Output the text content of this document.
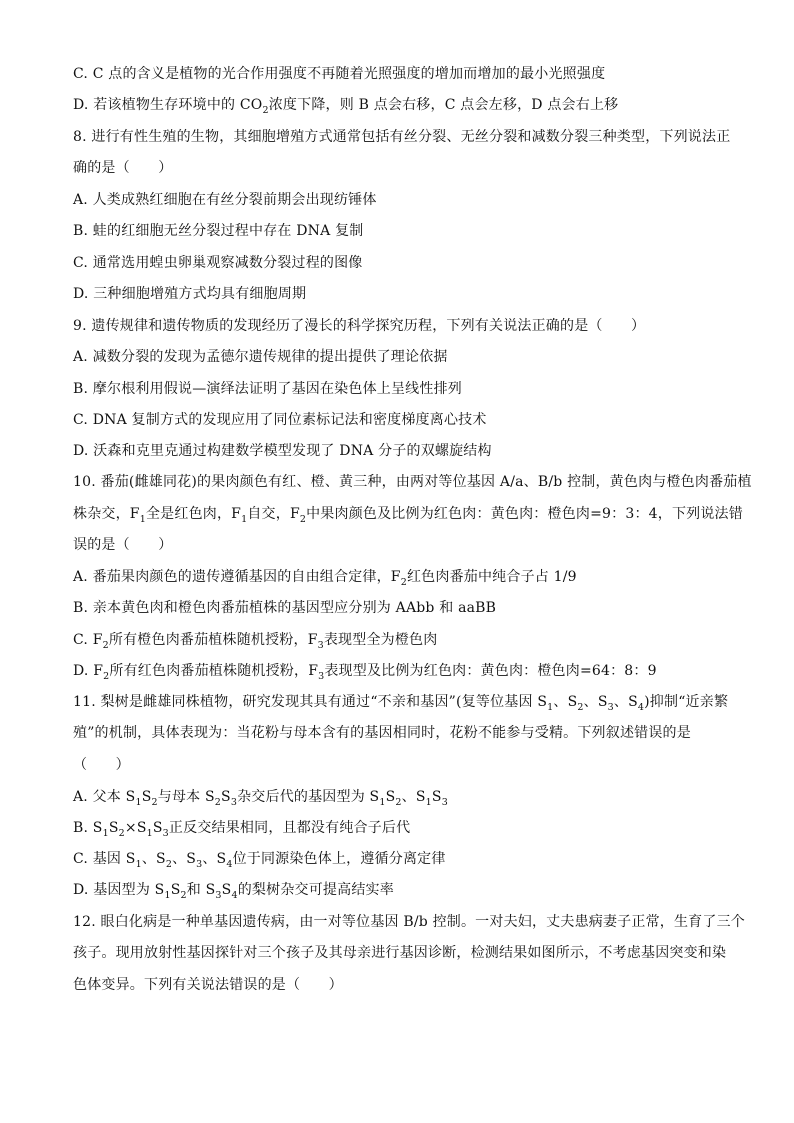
C. C 点的含义是植物的光合作用强度不再随着光照强度的增加而增加的最小光照强度
D. 若该植物生存环境中的 $CO_2$浓度下降，则 B 点会右移，C 点会左移，D 点会右上移
8. 进行有性生殖的生物，其细胞增殖方式通常包括有丝分裂、无丝分裂和减数分裂三种类型，下列说法正
确的是（　　）
A. 人类成熟红细胞在有丝分裂前期会出现纺锤体
B. 蛙的红细胞无丝分裂过程中存在 DNA 复制
C. 通常选用蝗虫卵巢观察减数分裂过程的图像
D. 三种细胞增殖方式均具有细胞周期
9. 遗传规律和遗传物质的发现经历了漫长的科学探究历程，下列有关说法正确的是（　　）
A. 减数分裂的发现为孟德尔遗传规律的提出提供了理论依据
B. 摩尔根利用假说—演绎法证明了基因在染色体上呈线性排列
C. DNA 复制方式的发现应用了同位素标记法和密度梯度离心技术
D. 沃森和克里克通过构建数学模型发现了 DNA 分子的双螺旋结构
10. 番茄(雌雄同花)的果肉颜色有红、橙、黄三种，由两对等位基因 A/a、B/b 控制，黄色肉与橙色肉番茄植
株杂交，$F_1$全是红色肉，$F_1$自交，$F_2$中果肉颜色及比例为红色肉：黄色肉：橙色肉=9：3：4，下列说法错
误的是（　　）
A. 番茄果肉颜色的遗传遵循基因的自由组合定律，$F_2$红色肉番茄中纯合子占 1/9
B. 亲本黄色肉和橙色肉番茄植株的基因型应分别为 AAbb 和 aaBB
C. $F_2$所有橙色肉番茄植株随机授粉，$F_3$表现型全为橙色肉
D. $F_2$所有红色肉番茄植株随机授粉，$F_3$表现型及比例为红色肉：黄色肉：橙色肉=64：8：9
11. 梨树是雌雄同株植物，研究发现其具有通过“不亲和基因”(复等位基因 $S_1$、$S_2$、$S_3$、$S_4$)抑制“近亲繁
殖”的机制，具体表现为：当花粉与母本含有的基因相同时，花粉不能参与受精。下列叙述错误的是
（　　）
A. 父本 $S_1S_2$与母本 $S_2S_3$杂交后代的基因型为 $S_1S_2$、$S_1S_3$
B. $S_1S_2\times S_1S_3$正反交结果相同，且都没有纯合子后代
C. 基因 $S_1$、$S_2$、$S_3$、$S_4$位于同源染色体上，遵循分离定律
D. 基因型为 $S_1S_2$和 $S_3S_4$的梨树杂交可提高结实率
12. 眼白化病是一种单基因遗传病，由一对等位基因 B/b 控制。一对夫妇，丈夫患病妻子正常，生育了三个
孩子。现用放射性基因探针对三个孩子及其母亲进行基因诊断，检测结果如图所示，不考虑基因突变和染
色体变异。下列有关说法错误的是（　　）
